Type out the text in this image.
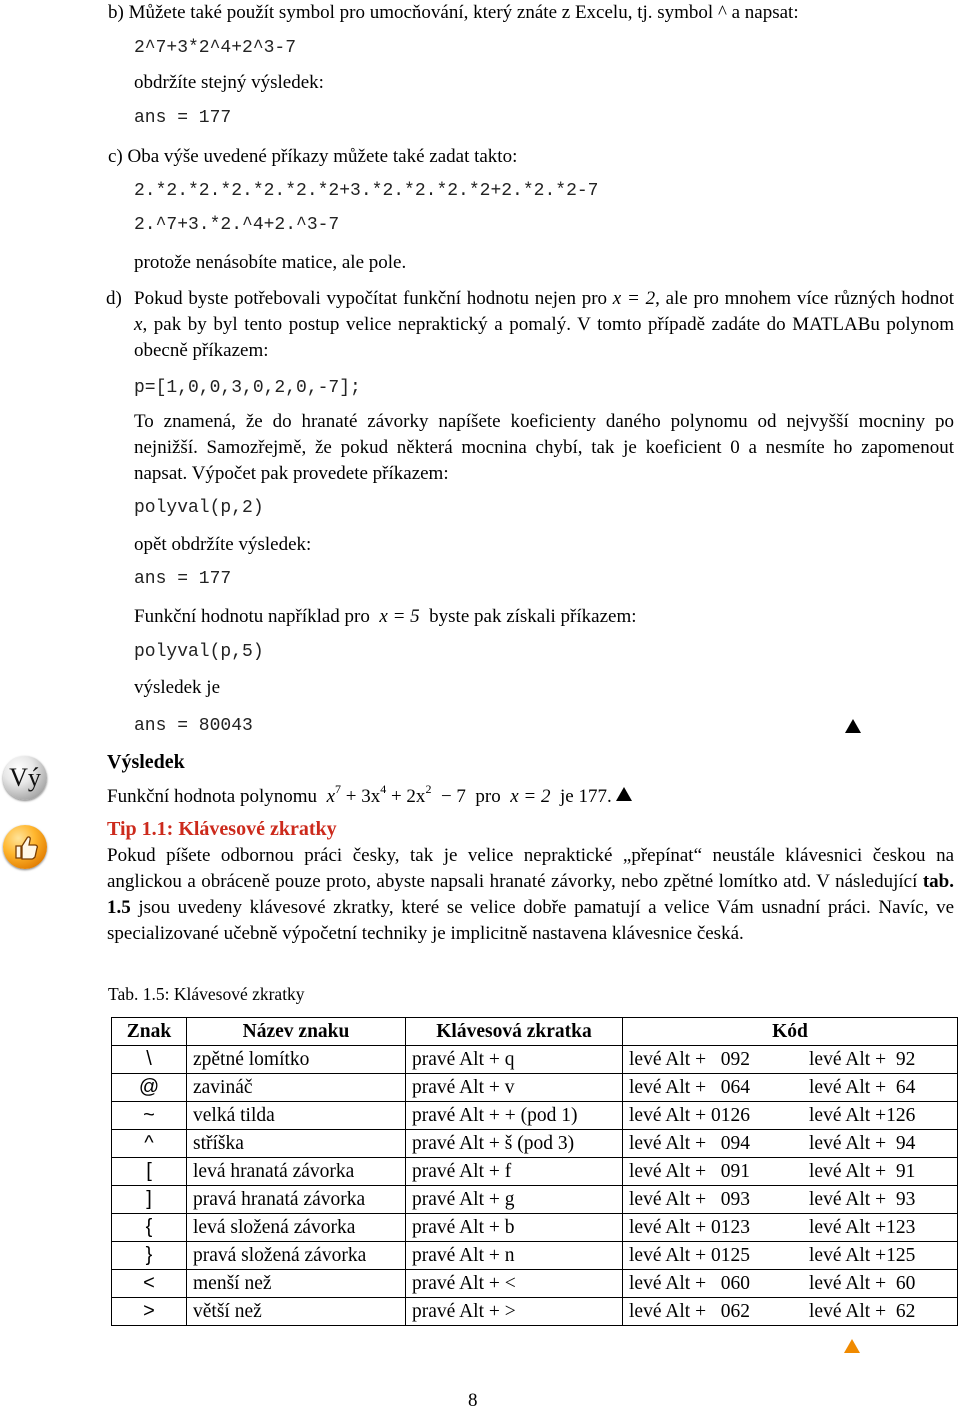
b) Můžete také použít symbol pro umocňování, který znáte z Excelu, tj. symbol ^ a napsat:
2^7+3*2^4+2^3-7
obdržíte stejný výsledek:
ans = 177
c) Oba výše uvedené příkazy můžete také zadat takto:
2.*2.*2.*2.*2.*2.*2+3.*2.*2.*2.*2+2.*2.*2-7
2.^7+3.*2.^4+2.^3-7
protože nenásobíte matice, ale pole.
d) Pokud byste potřebovali vypočítat funkční hodnotu nejen pro x = 2, ale pro mnohem více různých hodnot x, pak by byl tento postup velice nepraktický a pomalý. V tomto případě zadáte do MATLABu polynom obecně příkazem:
p=[1,0,0,3,0,2,0,-7];
To znamená, že do hranaté závorky napíšete koeficienty daného polynomu od nejvyšší mocniny po nejnižší. Samozřejmě, že pokud některá mocnina chybí, tak je koeficient 0 a nesmíte ho zapomenout napsat. Výpočet pak provedete příkazem:
polyval(p,2)
opět obdržíte výsledek:
ans = 177
Funkční hodnotu například pro x = 5 byste pak získali příkazem:
polyval(p,5)
výsledek je
ans = 80043
Vý
Výsledek
Funkční hodnota polynomu $x^7 + 3x^4 + 2x^2 - 7$ pro x = 2 je 177.
Tip 1.1: Klávesové zkratky
Pokud píšete odbornou práci česky, tak je velice nepraktické „přepínat“ neustále klávesnici českou na anglickou a obráceně pouze proto, abyste napsali hranaté závorky, nebo zpětné lomítko atd. V následující tab. 1.5 jsou uvedeny klávesové zkratky, které se velice dobře pamatují a velice Vám usnadní práci. Navíc, ve specializované učebně výpočetní techniky je implicitně nastavena klávesnice česká.
Tab. 1.5: Klávesové zkratky
Znak	Název znaku	Klávesová zkratka	Kód	
\	zpětné lomítko	pravé Alt + q	levé Alt +   092	levé Alt +  92
@	zavináč	pravé Alt + v	levé Alt +   064	levé Alt +  64
~	velká tilda	pravé Alt + + (pod 1)	levé Alt + 0126	levé Alt +126
^	stříška	pravé Alt + š (pod 3)	levé Alt +   094	levé Alt +  94
[	levá hranatá závorka	pravé Alt + f	levé Alt +   091	levé Alt +  91
]	pravá hranatá závorka	pravé Alt + g	levé Alt +   093	levé Alt +  93
{	levá složená závorka	pravé Alt + b	levé Alt + 0123	levé Alt +123
}	pravá složená závorka	pravé Alt + n	levé Alt + 0125	levé Alt +125
<	menší než	pravé Alt + <	levé Alt +   060	levé Alt +  60
>	větší než	pravé Alt + >	levé Alt +   062	levé Alt +  62
8
